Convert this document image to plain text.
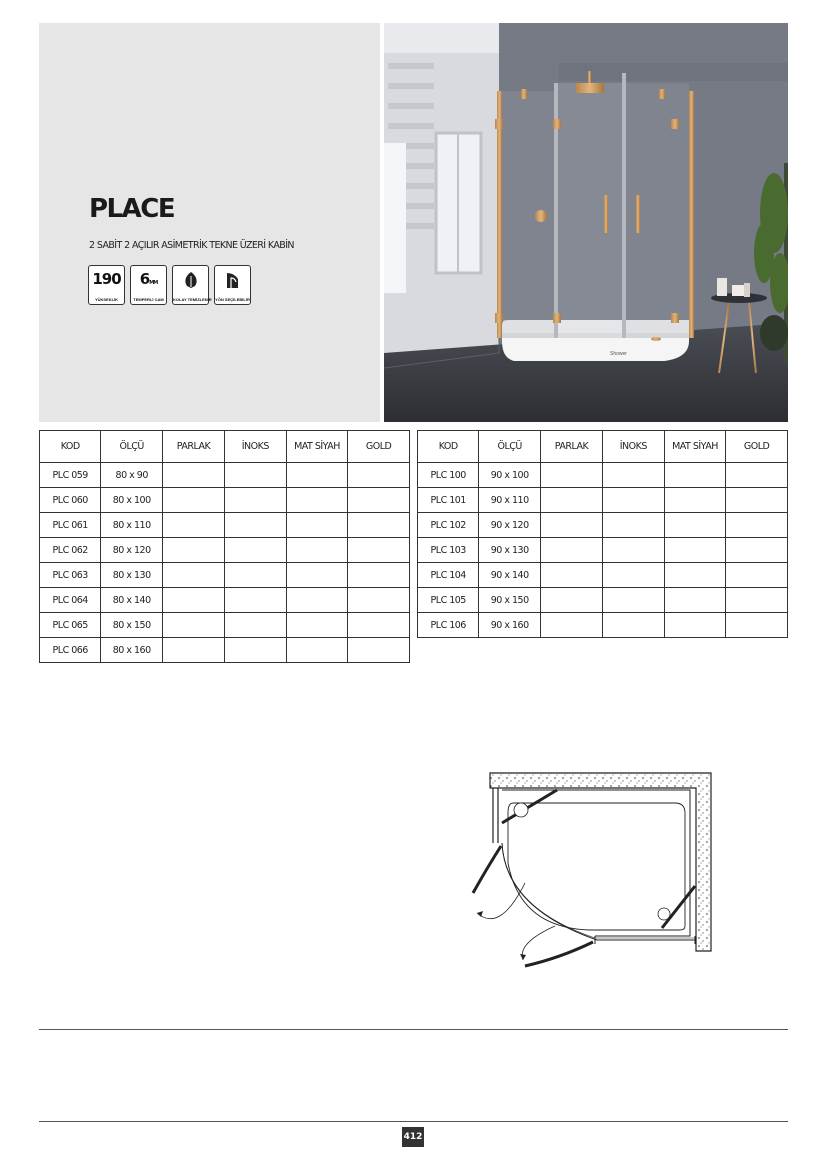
PLACE
2 SABİT 2 AÇILIR ASİMETRİK TEKNE ÜZERİ KABİN
190
YÜKSEKLİK
6MM
TEMPERLİ CAM	KOLAY TEMİZLENİR YÖN SEÇİLEBİLİR
Shower
KOD	ÖLÇÜ	PARLAK	İNOKS	MAT SİYAH	GOLD
PLC 059	80 x 90				
PLC 060	80 x 100				
PLC 061	80 x 110				
PLC 062	80 x 120				
PLC 063	80 x 130				
PLC 064	80 x 140				
PLC 065	80 x 150				
PLC 066	80 x 160				
KOD	ÖLÇÜ	PARLAK	İNOKS	MAT SİYAH	GOLD
PLC 100	90 x 100				
PLC 101	90 x 110				
PLC 102	90 x 120				
PLC 103	90 x 130				
PLC 104	90 x 140				
PLC 105	90 x 150				
PLC 106	90 x 160				
412
